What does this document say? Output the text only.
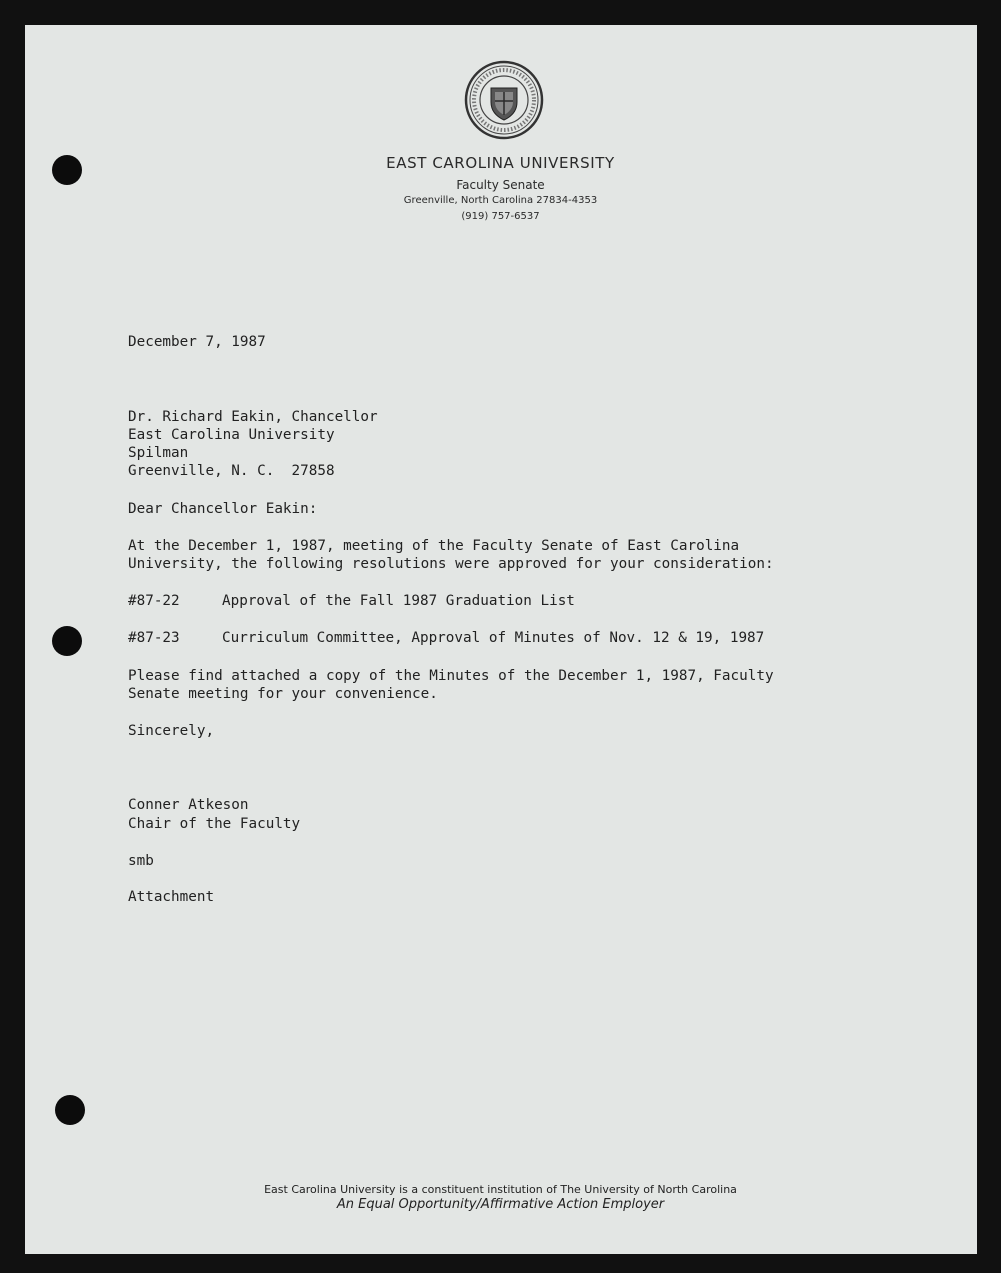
EAST CAROLINA UNIVERSITY
Faculty Senate
Greenville, North Carolina 27834-4353
(919) 757-6537
December 7, 1987
Dr. Richard Eakin, Chancellor
East Carolina University
Spilman
Greenville, N. C.  27858
Dear Chancellor Eakin:
At the December 1, 1987, meeting of the Faculty Senate of East Carolina
University, the following resolutions were approved for your consideration:
#87-22	Approval of the Fall 1987 Graduation List
#87-23	Curriculum Committee, Approval of Minutes of Nov. 12 & 19, 1987
Please find attached a copy of the Minutes of the December 1, 1987, Faculty
Senate meeting for your convenience.
Sincerely,
Conner Atkeson
Chair of the Faculty
smb
Attachment
East Carolina University is a constituent institution of The University of North Carolina
An Equal Opportunity/Affirmative Action Employer
